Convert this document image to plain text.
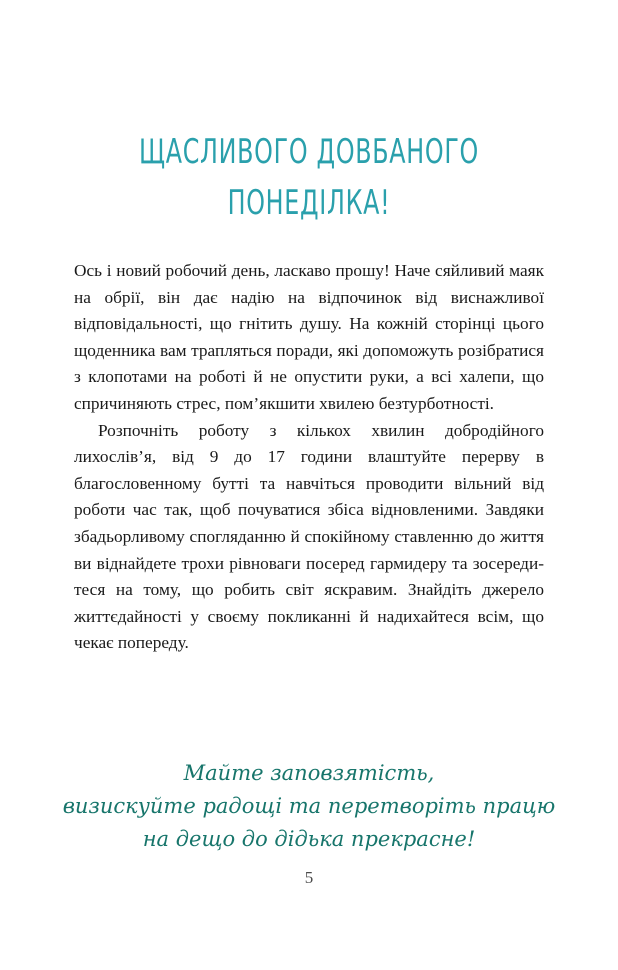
ЩАСЛИВОГО ДОВБАНОГО
ПОНЕДІЛКА!

Ось і новий робочий день, ласкаво прошу! Наче сяйливий маяк на обрії, він дає надію на відпочинок від виснажливої відповідальності, що гнітить душу. На кожній сторінці цього щоденника вам трапляться поради, які допоможуть розібратися з клопотами на роботі й не опустити руки, а всі халепи, що спричиняють стрес, пом’якшити хвилею безтурботності.

Розпочніть роботу з кількох хвилин добродійного лихослів’я, від 9 до 17 години влаштуйте перерву в благословенному бутті та навчіться проводити вільний від роботи час так, щоб почуватися збіса відновленими. Завдяки збадьорливому спогляданню й спокійному ставленню до життя ви віднайдете трохи рівноваги посеред гармидеру та зосередитеся на тому, що робить світ яскравим. Знайдіть джерело життєдайності у своєму покликанні й надихайтеся всім, що чекає попереду.

Майте заповзятість,

визискуйте радощі та перетворіть працю

на дещо до дідька прекрасне!

5
